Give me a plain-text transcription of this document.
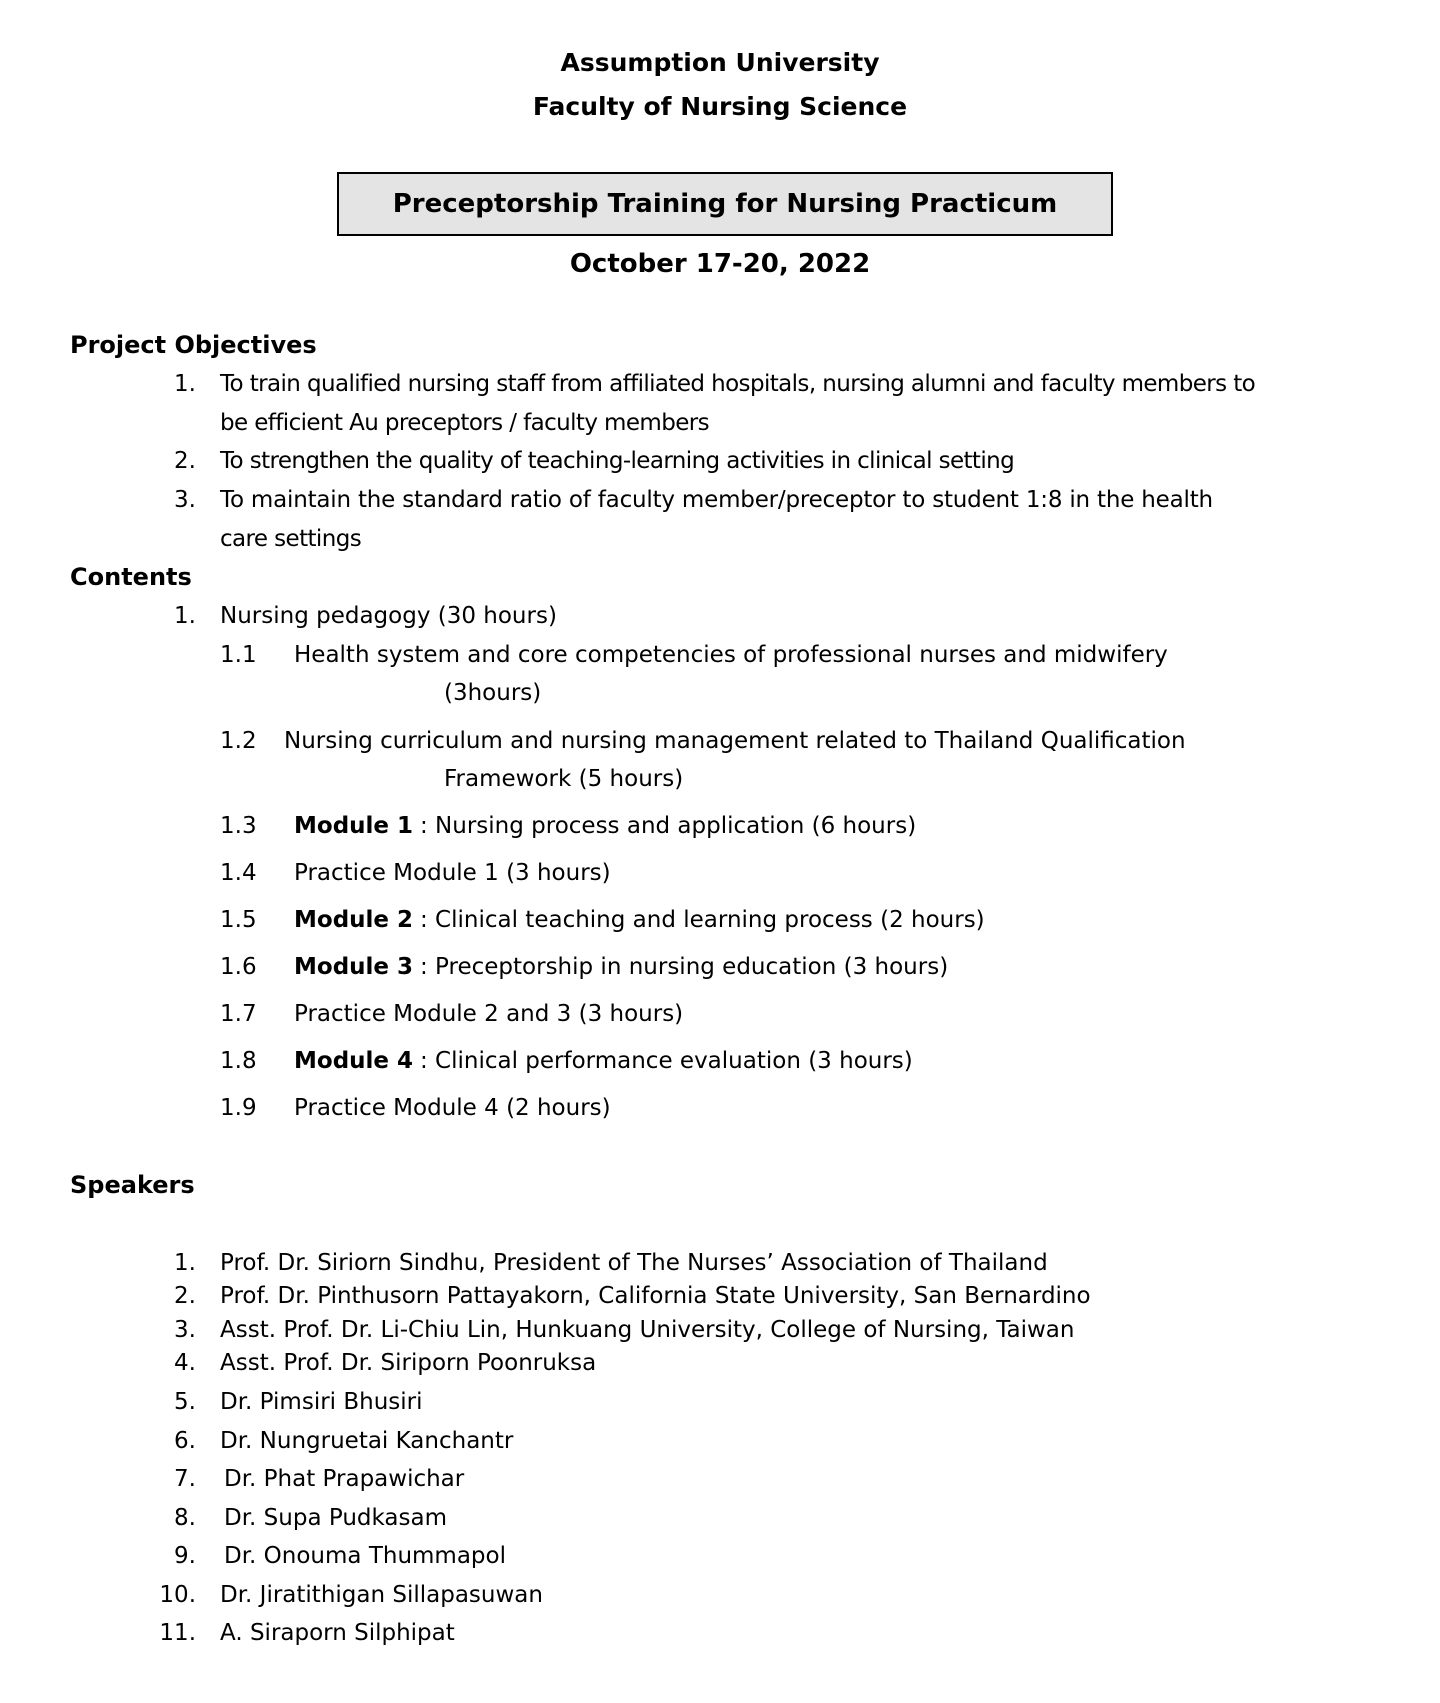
Assumption University
Faculty of Nursing Science
Preceptorship Training for Nursing Practicum
October 17-20, 2022
Project Objectives
1. To train qualified nursing staff from affiliated hospitals, nursing alumni and faculty members to
be efficient Au preceptors / faculty members
2. To strengthen the quality of teaching-learning activities in clinical setting
3. To maintain the standard ratio of faculty member/preceptor to student 1:8 in the health
care settings
Contents
1. Nursing pedagogy (30 hours)
1.1 Health system and core competencies of professional nurses and midwifery
(3hours)
1.2 Nursing curriculum and nursing management related to Thailand Qualification
Framework (5 hours)
1.3 Module 1 : Nursing process and application (6 hours)
1.4 Practice Module 1 (3 hours)
1.5 Module 2 : Clinical teaching and learning process (2 hours)
1.6 Module 3 : Preceptorship in nursing education (3 hours)
1.7 Practice Module 2 and 3 (3 hours)
1.8 Module 4 : Clinical performance evaluation (3 hours)
1.9 Practice Module 4 (2 hours)
Speakers
1. Prof. Dr. Siriorn Sindhu, President of The Nurses’ Association of Thailand
2. Prof. Dr. Pinthusorn Pattayakorn, California State University, San Bernardino
3. Asst. Prof. Dr. Li-Chiu Lin, Hunkuang University, College of Nursing, Taiwan
4. Asst. Prof. Dr. Siriporn Poonruksa
5. Dr. Pimsiri Bhusiri
6. Dr. Nungruetai Kanchantr
7. Dr. Phat Prapawichar
8. Dr. Supa Pudkasam
9. Dr. Onouma Thummapol
10. Dr. Jiratithigan Sillapasuwan
11. A. Siraporn Silphipat
